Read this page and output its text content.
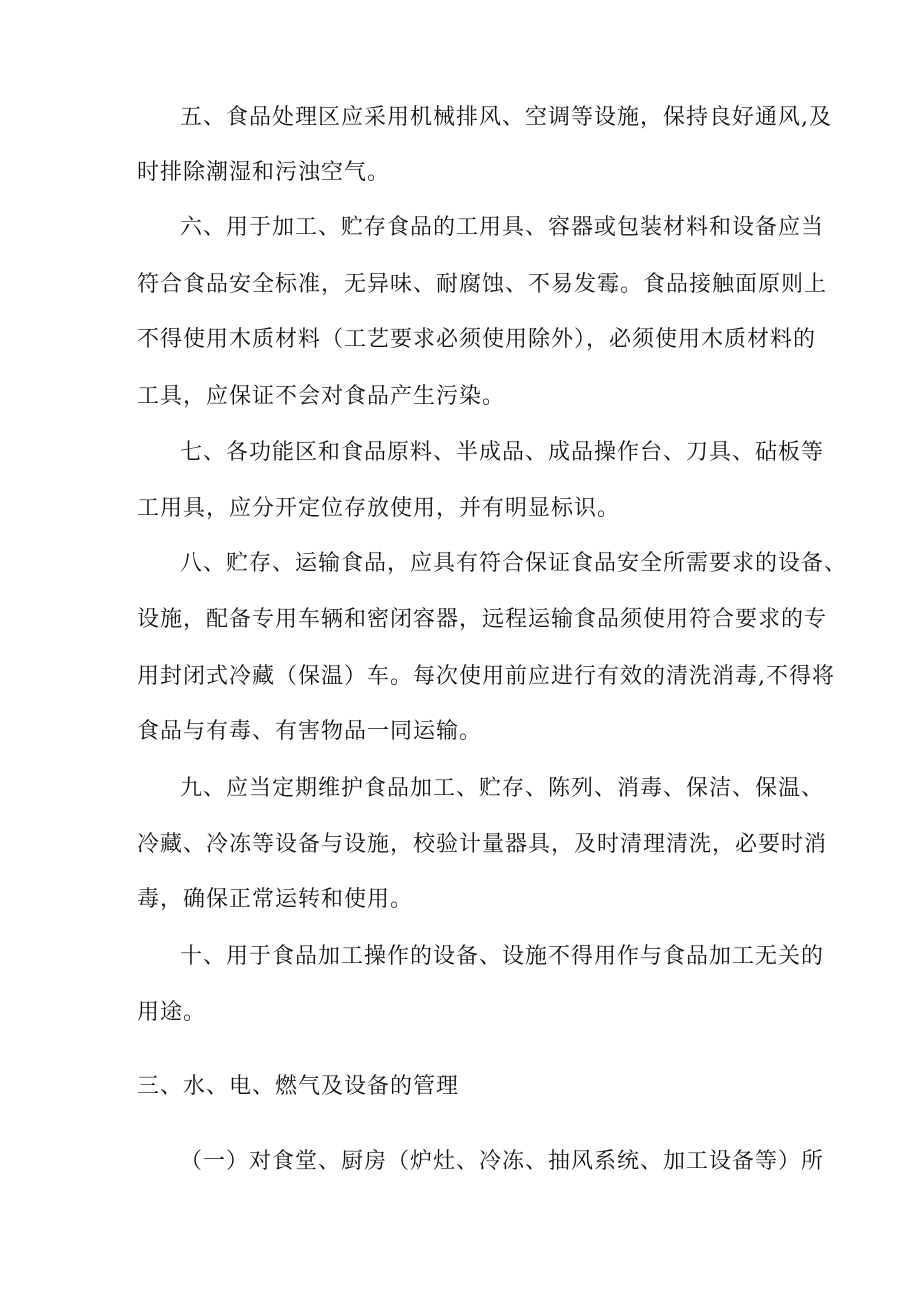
五、食品处理区应采用机械排风、空调等设施，保持良好通风,及
时排除潮湿和污浊空气。
六、用于加工、贮存食品的工用具、容器或包装材料和设备应当
符合食品安全标准，无异味、耐腐蚀、不易发霉。食品接触面原则上
不得使用木质材料（工艺要求必须使用除外），必须使用木质材料的
工具，应保证不会对食品产生污染。
七、各功能区和食品原料、半成品、成品操作台、刀具、砧板等
工用具，应分开定位存放使用，并有明显标识。
八、贮存、运输食品，应具有符合保证食品安全所需要求的设备、
设施，配备专用车辆和密闭容器，远程运输食品须使用符合要求的专
用封闭式冷藏（保温）车。每次使用前应进行有效的清洗消毒,不得将
食品与有毒、有害物品一同运输。
九、应当定期维护食品加工、贮存、陈列、消毒、保洁、保温、
冷藏、冷冻等设备与设施，校验计量器具，及时清理清洗，必要时消
毒，确保正常运转和使用。
十、用于食品加工操作的设备、设施不得用作与食品加工无关的
用途。
三、水、电、燃气及设备的管理
（一）对食堂、厨房（炉灶、冷冻、抽风系统、加工设备等）所
